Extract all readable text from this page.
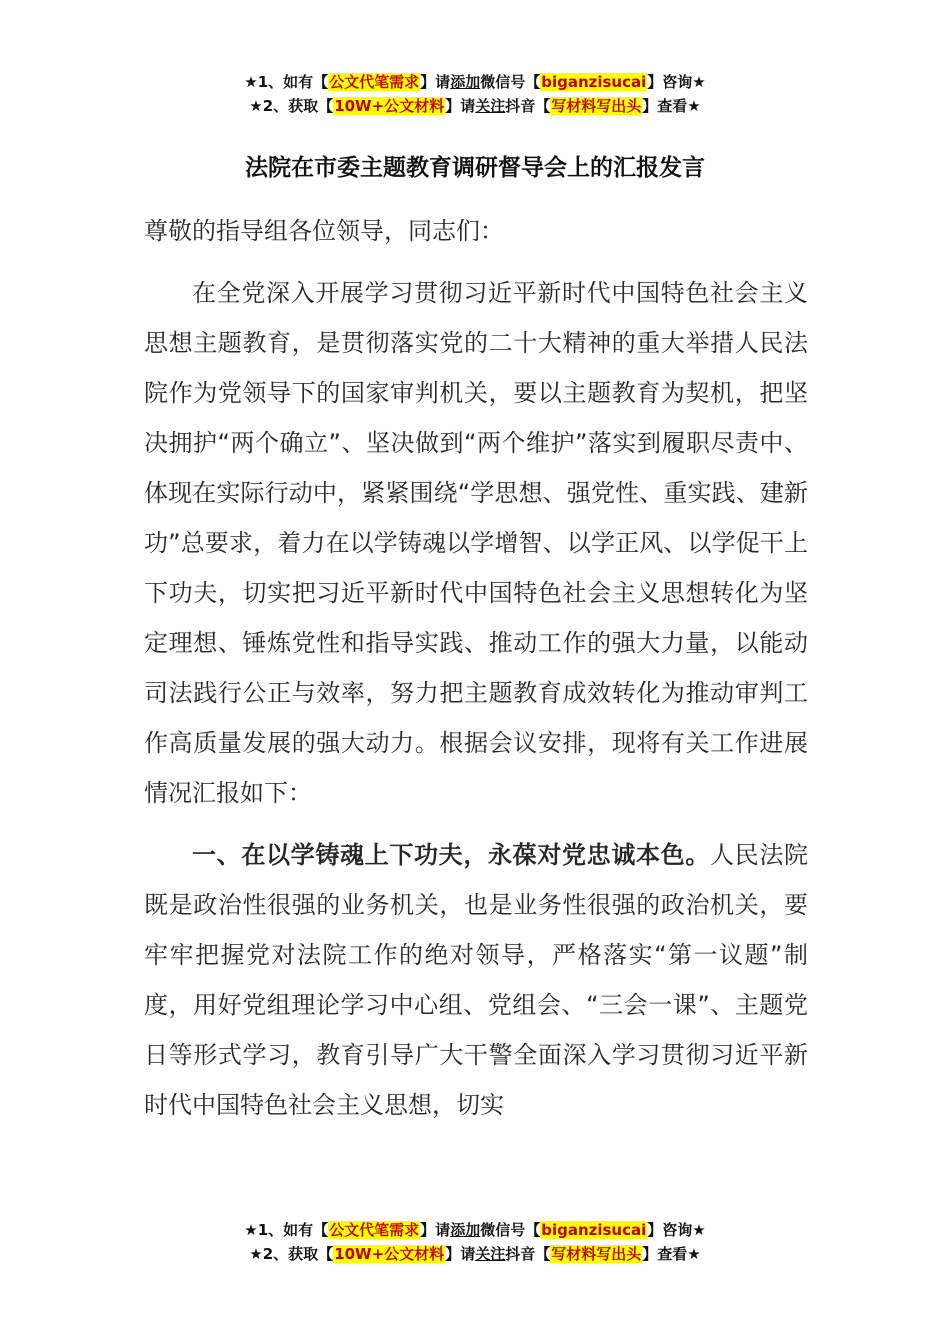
★1、如有【公文代笔需求】请添加微信号【biganzisucai】咨询★
★2、获取【10W+公文材料】请关注抖音【写材料写出头】查看★
法院在市委主题教育调研督导会上的汇报发言

尊敬的指导组各位领导，同志们：

在全党深入开展学习贯彻习近平新时代中国特色社会主义思想主题教育，是贯彻落实党的二十大精神的重大举措人民法院作为党领导下的国家审判机关，要以主题教育为契机，把坚决拥护“两个确立”、坚决做到“两个维护”落实到履职尽责中、体现在实际行动中，紧紧围绕“学思想、强党性、重实践、建新功”总要求，着力在以学铸魂以学增智、以学正风、以学促干上下功夫，切实把习近平新时代中国特色社会主义思想转化为坚定理想、锤炼党性和指导实践、推动工作的强大力量，以能动司法践行公正与效率，努力把主题教育成效转化为推动审判工作高质量发展的强大动力。根据会议安排，现将有关工作进展情况汇报如下：

一、在以学铸魂上下功夫，永葆对党忠诚本色。人民法院既是政治性很强的业务机关，也是业务性很强的政治机关，要牢牢把握党对法院工作的绝对领导，严格落实“第一议题”制度，用好党组理论学习中心组、党组会、“三会一课”、主题党日等形式学习，教育引导广大干警全面深入学习贯彻习近平新时代中国特色社会主义思想，切实

★1、如有【公文代笔需求】请添加微信号【biganzisucai】咨询★
★2、获取【10W+公文材料】请关注抖音【写材料写出头】查看★
